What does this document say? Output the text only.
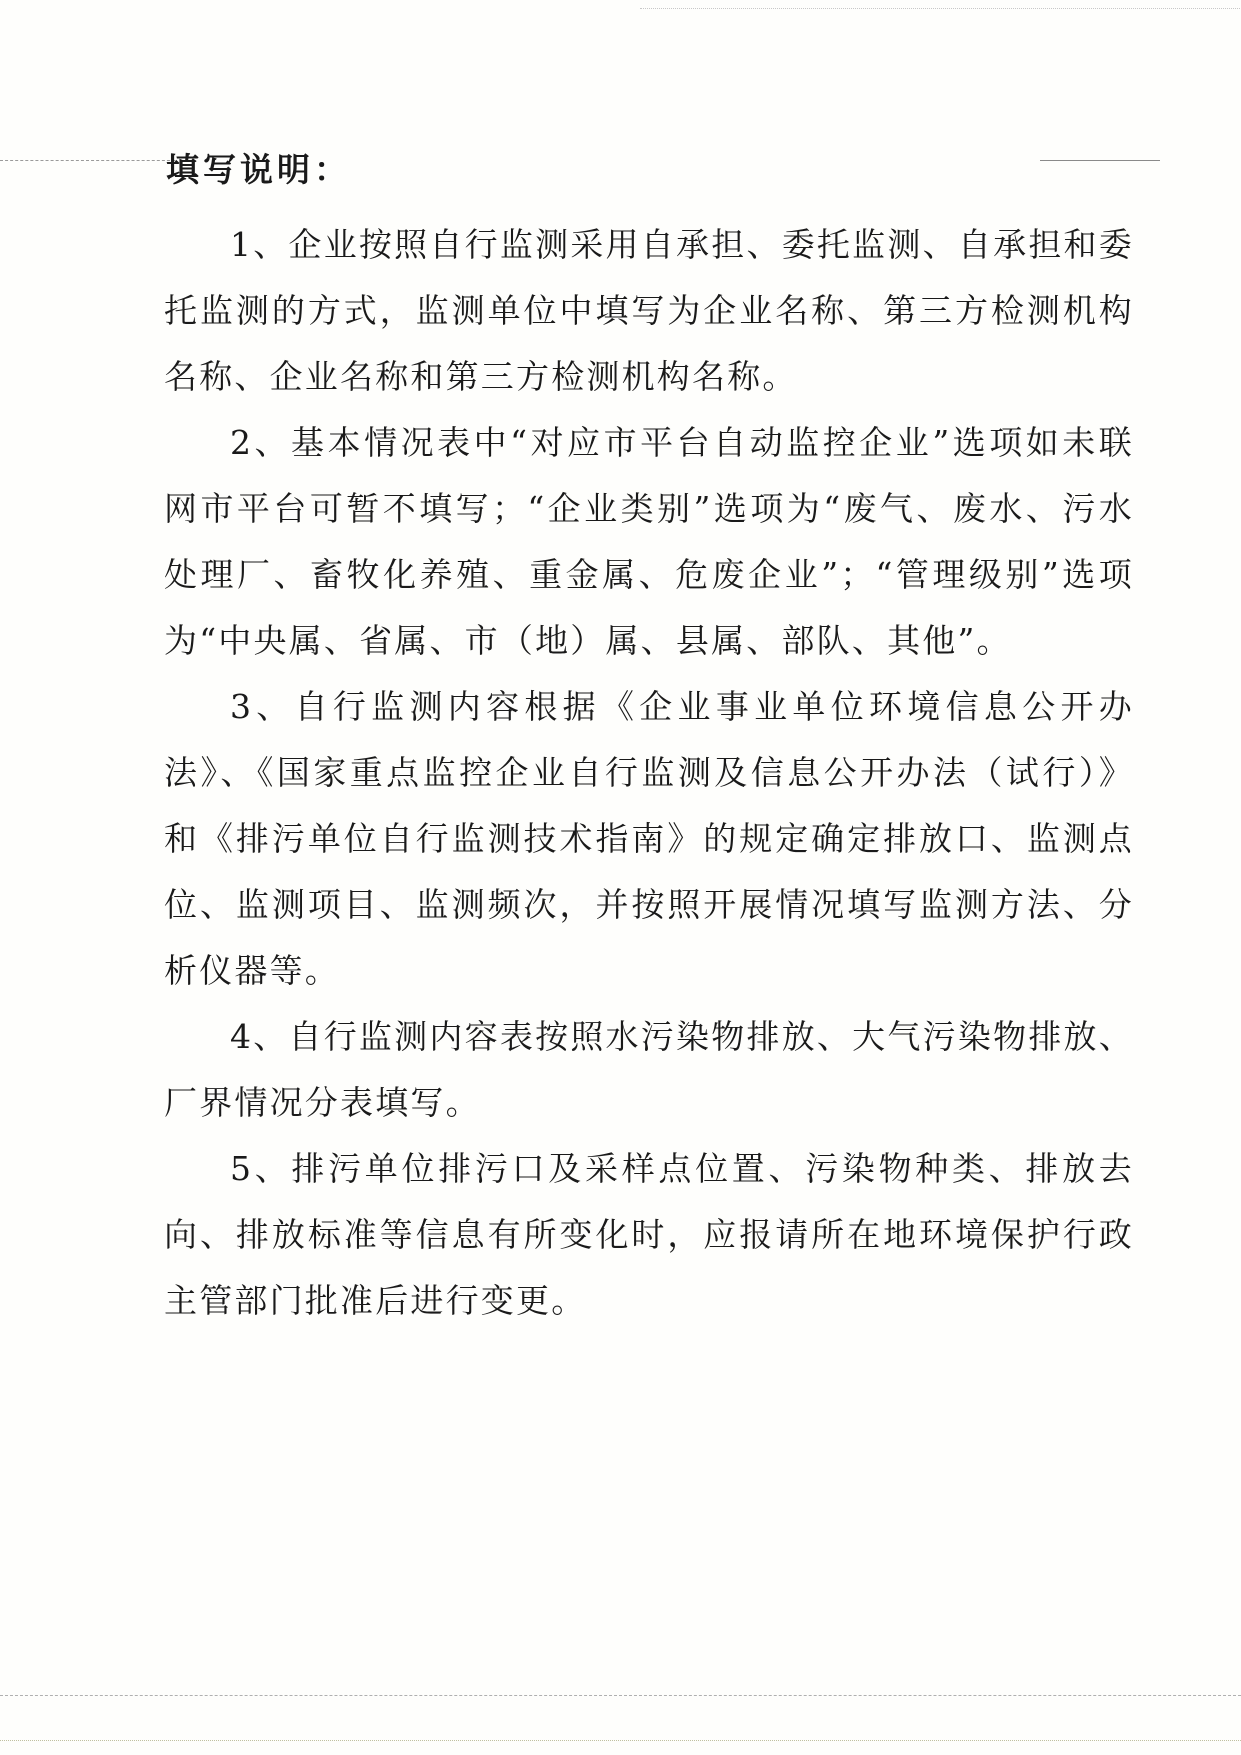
填写说明：

1、企业按照自行监测采用自承担、委托监测、自承担和委托监测的方式，监测单位中填写为企业名称、第三方检测机构名称、企业名称和第三方检测机构名称。

2、基本情况表中“对应市平台自动监控企业”选项如未联网市平台可暂不填写；“企业类别”选项为“废气、废水、污水处理厂、畜牧化养殖、重金属、危废企业”；“管理级别”选项为“中央属、省属、市（地）属、县属、部队、其他”。

3、自行监测内容根据《企业事业单位环境信息公开办法》、《国家重点监控企业自行监测及信息公开办法（试行）》和《排污单位自行监测技术指南》的规定确定排放口、监测点位、监测项目、监测频次，并按照开展情况填写监测方法、分析仪器等。

4、自行监测内容表按照水污染物排放、大气污染物排放、厂界情况分表填写。

5、排污单位排污口及采样点位置、污染物种类、排放去向、排放标准等信息有所变化时，应报请所在地环境保护行政主管部门批准后进行变更。
